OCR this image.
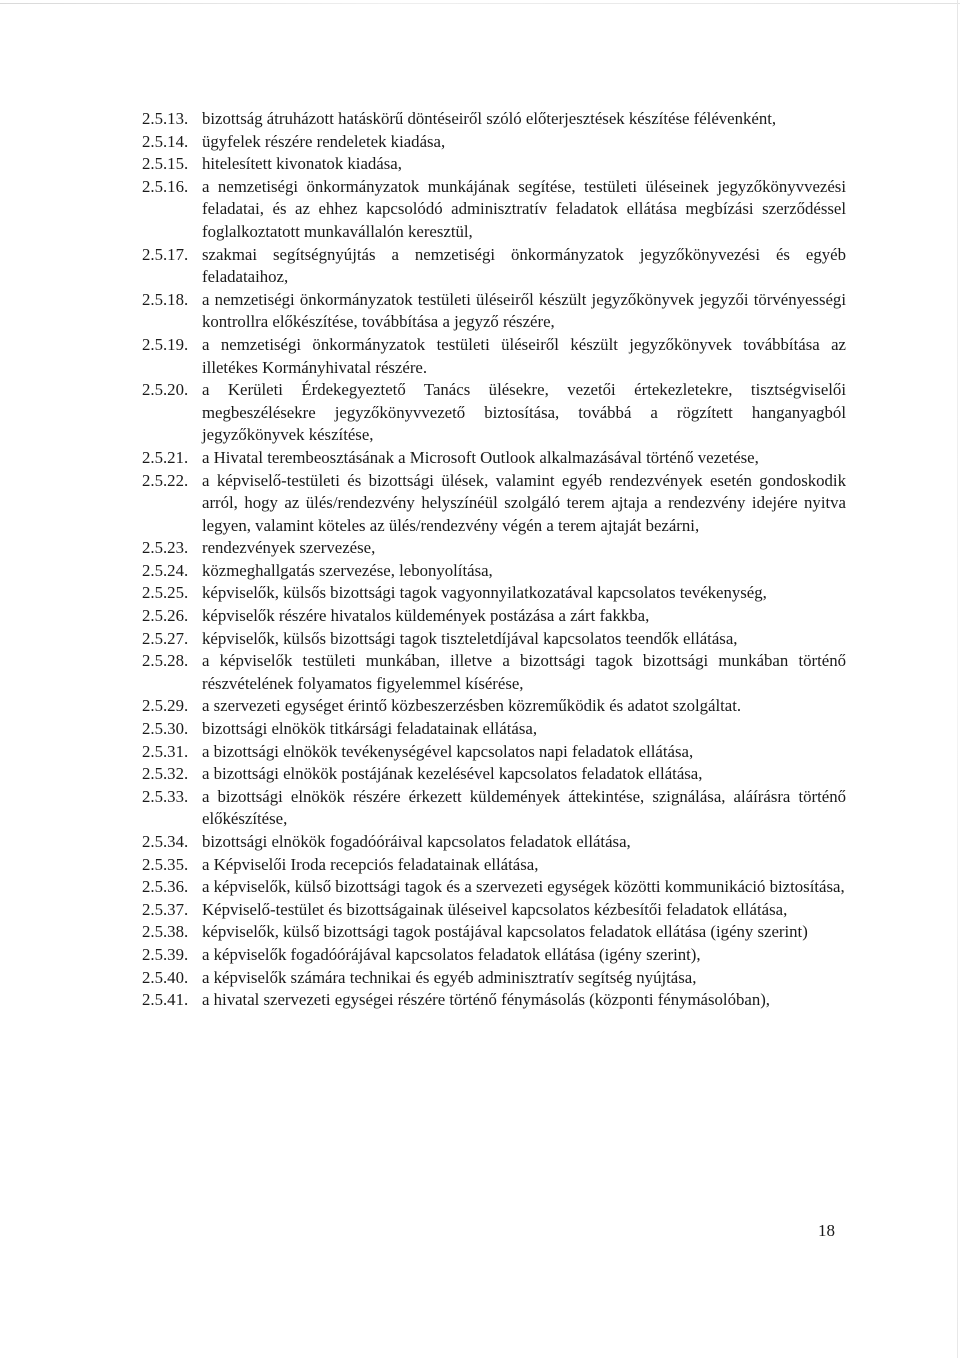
2.5.13. bizottság átruházott hatáskörű döntéseiről szóló előterjesztések készítése félévenként,
2.5.14. ügyfelek részére rendeletek kiadása,
2.5.15. hitelesített kivonatok kiadása,
2.5.16. a nemzetiségi önkormányzatok munkájának segítése, testületi üléseinek jegyzőkönyvvezési feladatai, és az ehhez kapcsolódó adminisztratív feladatok ellátása megbízási szerződéssel foglalkoztatott munkavállalón keresztül,
2.5.17. szakmai segítségnyújtás a nemzetiségi önkormányzatok jegyzőkönyvezési és egyéb feladataihoz,
2.5.18. a nemzetiségi önkormányzatok testületi üléseiről készült jegyzőkönyvek jegyzői törvényességi kontrollra előkészítése, továbbítása a jegyző részére,
2.5.19. a nemzetiségi önkormányzatok testületi üléseiről készült jegyzőkönyvek továbbítása az illetékes Kormányhivatal részére.
2.5.20. a Kerületi Érdekegyeztető Tanács ülésekre, vezetői értekezletekre, tisztségviselői megbeszélésekre jegyzőkönyvvezető biztosítása, továbbá a rögzített hanganyagból jegyzőkönyvek készítése,
2.5.21. a Hivatal terembeosztásának a Microsoft Outlook alkalmazásával történő vezetése,
2.5.22. a képviselő-testületi és bizottsági ülések, valamint egyéb rendezvények esetén gondoskodik arról, hogy az ülés/rendezvény helyszínéül szolgáló terem ajtaja a rendezvény idejére nyitva legyen, valamint köteles az ülés/rendezvény végén a terem ajtaját bezárni,
2.5.23. rendezvények szervezése,
2.5.24. közmeghallgatás szervezése, lebonyolítása,
2.5.25. képviselők, külsős bizottsági tagok vagyonnyilatkozatával kapcsolatos tevékenység,
2.5.26. képviselők részére hivatalos küldemények postázása a zárt fakkba,
2.5.27. képviselők, külsős bizottsági tagok tiszteletdíjával kapcsolatos teendők ellátása,
2.5.28. a képviselők testületi munkában, illetve a bizottsági tagok bizottsági munkában történő részvételének folyamatos figyelemmel kísérése,
2.5.29. a szervezeti egységet érintő közbeszerzésben közreműködik és adatot szolgáltat.
2.5.30. bizottsági elnökök titkársági feladatainak ellátása,
2.5.31. a bizottsági elnökök tevékenységével kapcsolatos napi feladatok ellátása,
2.5.32. a bizottsági elnökök postájának kezelésével kapcsolatos feladatok ellátása,
2.5.33. a bizottsági elnökök részére érkezett küldemények áttekintése, szignálása, aláírásra történő előkészítése,
2.5.34. bizottsági elnökök fogadóóráival kapcsolatos feladatok ellátása,
2.5.35. a Képviselői Iroda recepciós feladatainak ellátása,
2.5.36. a képviselők, külső bizottsági tagok és a szervezeti egységek közötti kommunikáció biztosítása,
2.5.37. Képviselő-testület és bizottságainak üléseivel kapcsolatos kézbesítői feladatok ellátása,
2.5.38. képviselők, külső bizottsági tagok postájával kapcsolatos feladatok ellátása (igény szerint)
2.5.39. a képviselők fogadóórájával kapcsolatos feladatok ellátása (igény szerint),
2.5.40. a képviselők számára technikai és egyéb adminisztratív segítség nyújtása,
2.5.41. a hivatal szervezeti egységei részére történő fénymásolás (központi fénymásolóban),
18
